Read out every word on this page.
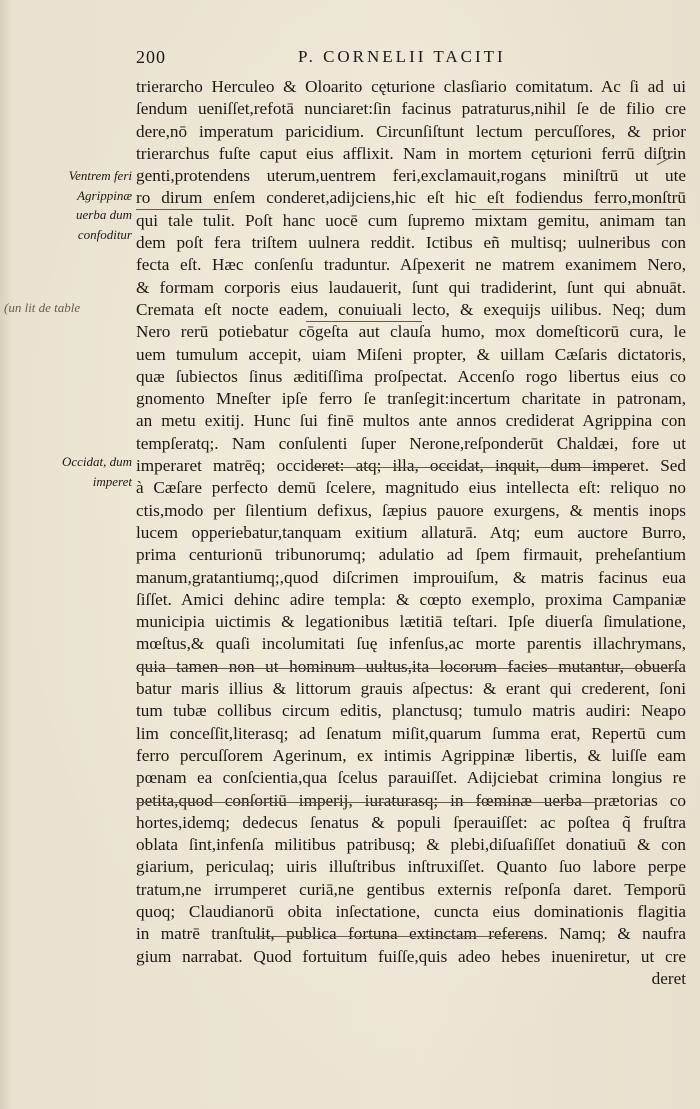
200	P. CORNELII TACITI
Ventrem feri
Agrippinæ
uerba dum
confoditur
Occidat, dum
imperet
(un lit de table
trierarcho Herculeo & Oloarito cęturione clasſiario comitatum. Ac ſi ad ui
ſendum ueniſſet,refotā nunciaret:ſin facinus patraturus,nihil ſe de filio cre
dere,nō imperatum paricidium. Circunſiſtunt lectum percuſſores, & prior
trierarchus fuſte caput eius afflixit. Nam in mortem cęturioni ferrū diſtrin
genti,protendens uterum,uentrem feri,exclamauit,rogans miniſtrū ut ute
ro dirum enſem conderet,adijciens,hic eſt hic eſt fodiendus ferro,monſtrū
qui tale tulit. Poſt hanc uocē cum ſupremo mixtam gemitu, animam tan
dem poſt fera triſtem uulnera reddit. Ictibus eñ multisq; uulneribus con
fecta eſt. Hæc conſenſu traduntur. Aſpexerit ne matrem exanimem Nero,
& formam corporis eius laudauerit, ſunt qui tradiderint, ſunt qui abnuāt.
Cremata eſt nocte eadem, conuiuali lecto, & exequijs uilibus. Neq; dum
Nero rerū potiebatur cōgeſta aut clauſa humo, mox domeſticorū cura, le
uem tumulum accepit, uiam Miſeni propter, & uillam Cæſaris dictatoris,
quæ ſubiectos ſinus æditiſſima proſpectat. Accenſo rogo libertus eius co
gnomento Mneſter ipſe ferro ſe tranſegit:incertum charitate in patronam,
an metu exitij. Hunc ſui finē multos ante annos crediderat Agrippina con
tempſeratq;. Nam conſulenti ſuper Nerone,reſponderūt Chaldæi, fore ut
imperaret matrēq; occideret: atq; illa, occidat, inquit, dum imperet. Sed
à Cæſare perfecto demū ſcelere, magnitudo eius intellecta eſt: reliquo no
ctis,modo per ſilentium defixus, ſæpius pauore exurgens, & mentis inops
lucem opperiebatur,tanquam exitium allaturā. Atq; eum auctore Burro,
prima centurionū tribunorumq; adulatio ad ſpem firmauit, preheſantium
manum,gratantiumq;,quod diſcrimen improuiſum, & matris facinus eua
ſiſſet. Amici dehinc adire templa: & cœpto exemplo, proxima Campaniæ
municipia uictimis & legationibus lætitiā teſtari. Ipſe diuerſa ſimulatione,
mœſtus,& quaſi incolumitati ſuę infenſus,ac morte parentis illachrymans,
quia tamen non ut hominum uultus,ita locorum facies mutantur, obuerſa
batur maris illius & littorum grauis aſpectus: & erant qui crederent, ſoni
tum tubæ collibus circum editis, planctusq; tumulo matris audiri: Neapo
lim conceſſit,literasq; ad ſenatum miſit,quarum ſumma erat, Repertū cum
ferro percuſſorem Agerinum, ex intimis Agrippinæ libertis, & luiſſe eam
pœnam ea conſcientia,qua ſcelus parauiſſet. Adijciebat crimina longius re
petita,quod conſortiū imperij, iuraturasq; in fœminæ uerba prætorias co
hortes,idemq; dedecus ſenatus & populi ſperauiſſet: ac poſtea q̃ fruſtra
oblata ſint,infenſa militibus patribusq; & plebi,diſuaſiſſet donatiuū & con
giarium, periculaq; uiris illuſtribus inſtruxiſſet. Quanto ſuo labore perpe
tratum,ne irrumperet curiā,ne gentibus externis reſponſa daret. Temporū
quoq; Claudianorū obita inſectatione, cuncta eius dominationis flagitia
in matrē tranſtulit, publica fortuna extinctam referens. Namq; & naufra
gium narrabat. Quod fortuitum fuiſſe,quis adeo hebes inueniretur, ut cre
deret
